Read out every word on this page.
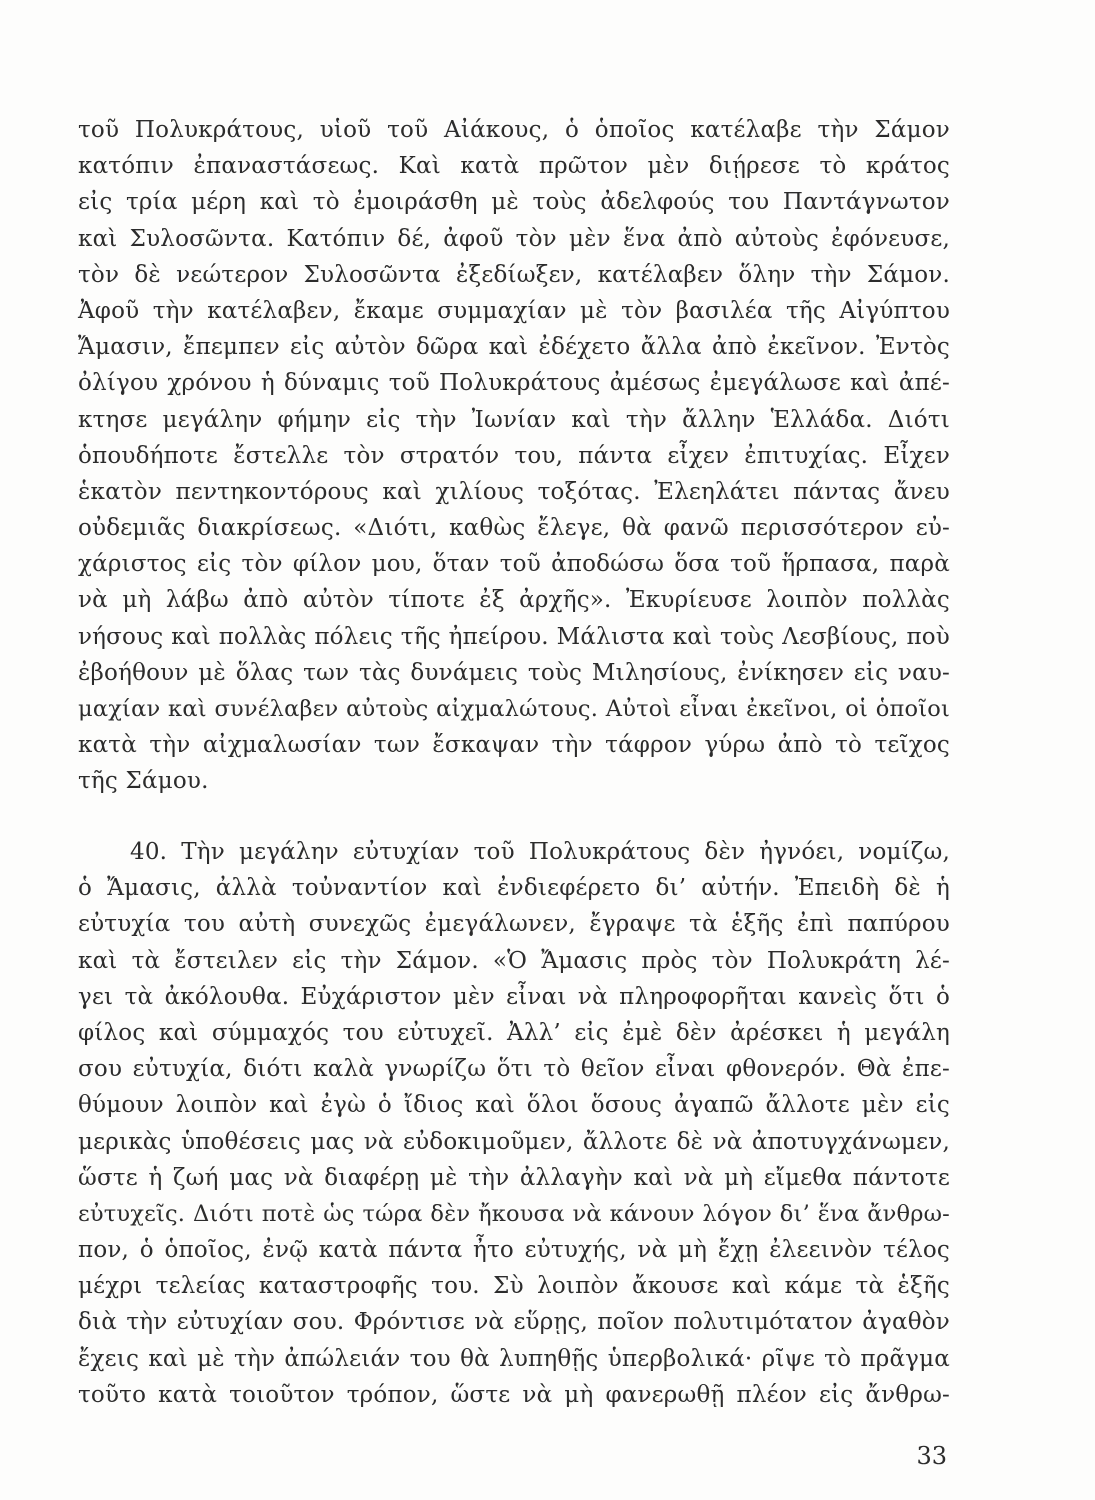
τοῦ Πολυκράτους, υἱοῦ τοῦ Αἰάκους, ὁ ὁποῖος κατέλαβε τὴν Σάμον
κατόπιν ἐπαναστάσεως. Καὶ κατὰ πρῶτον μὲν διῄρεσε τὸ κράτος
εἰς τρία μέρη καὶ τὸ ἐμοιράσθη μὲ τοὺς ἀδελφούς του Παντάγνωτον
καὶ Συλοσῶντα. Κατόπιν δέ, ἀφοῦ τὸν μὲν ἕνα ἀπὸ αὐτοὺς ἐφόνευσε,
τὸν δὲ νεώτερον Συλοσῶντα ἐξεδίωξεν, κατέλαβεν ὅλην τὴν Σάμον.
Ἀφοῦ τὴν κατέλαβεν, ἔκαμε συμμαχίαν μὲ τὸν βασιλέα τῆς Αἰγύπτου
Ἄμασιν, ἔπεμπεν εἰς αὐτὸν δῶρα καὶ ἐδέχετο ἄλλα ἀπὸ ἐκεῖνον. Ἐντὸς
ὀλίγου χρόνου ἡ δύναμις τοῦ Πολυκράτους ἀμέσως ἐμεγάλωσε καὶ ἀπέ-
κτησε μεγάλην φήμην εἰς τὴν Ἰωνίαν καὶ τὴν ἄλλην Ἑλλάδα. Διότι
ὁπουδήποτε ἔστελλε τὸν στρατόν του, πάντα εἶχεν ἐπιτυχίας. Εἶχεν
ἑκατὸν πεντηκοντόρους καὶ χιλίους τοξότας. Ἐλεηλάτει πάντας ἄνευ
οὐδεμιᾶς διακρίσεως. «Διότι, καθὼς ἔλεγε, θὰ φανῶ περισσότερον εὐ-
χάριστος εἰς τὸν φίλον μου, ὅταν τοῦ ἀποδώσω ὅσα τοῦ ἥρπασα, παρὰ
νὰ μὴ λάβω ἀπὸ αὐτὸν τίποτε ἐξ ἀρχῆς». Ἐκυρίευσε λοιπὸν πολλὰς
νήσους καὶ πολλὰς πόλεις τῆς ἠπείρου. Μάλιστα καὶ τοὺς Λεσβίους, ποὺ
ἐβοήθουν μὲ ὅλας των τὰς δυνάμεις τοὺς Μιλησίους, ἐνίκησεν εἰς ναυ-
μαχίαν καὶ συνέλαβεν αὐτοὺς αἰχμαλώτους. Αὐτοὶ εἶναι ἐκεῖνοι, οἱ ὁποῖοι
κατὰ τὴν αἰχμαλωσίαν των ἔσκαψαν τὴν τάφρον γύρω ἀπὸ τὸ τεῖχος
τῆς Σάμου.
40. Τὴν μεγάλην εὐτυχίαν τοῦ Πολυκράτους δὲν ἠγνόει, νομίζω,
ὁ Ἄμασις, ἀλλὰ τοὐναντίον καὶ ἐνδιεφέρετο δι’ αὐτήν. Ἐπειδὴ δὲ ἡ
εὐτυχία του αὐτὴ συνεχῶς ἐμεγάλωνεν, ἔγραψε τὰ ἑξῆς ἐπὶ παπύρου
καὶ τὰ ἔστειλεν εἰς τὴν Σάμον. «Ὁ Ἄμασις πρὸς τὸν Πολυκράτη λέ-
γει τὰ ἀκόλουθα. Εὐχάριστον μὲν εἶναι νὰ πληροφορῆται κανεὶς ὅτι ὁ
φίλος καὶ σύμμαχός του εὐτυχεῖ. Ἀλλ’ εἰς ἐμὲ δὲν ἀρέσκει ἡ μεγάλη
σου εὐτυχία, διότι καλὰ γνωρίζω ὅτι τὸ θεῖον εἶναι φθονερόν. Θὰ ἐπε-
θύμουν λοιπὸν καὶ ἐγὼ ὁ ἴδιος καὶ ὅλοι ὅσους ἀγαπῶ ἄλλοτε μὲν εἰς
μερικὰς ὑποθέσεις μας νὰ εὐδοκιμοῦμεν, ἄλλοτε δὲ νὰ ἀποτυγχάνωμεν,
ὥστε ἡ ζωή μας νὰ διαφέρῃ μὲ τὴν ἀλλαγὴν καὶ νὰ μὴ εἴμεθα πάντοτε
εὐτυχεῖς. Διότι ποτὲ ὡς τώρα δὲν ἤκουσα νὰ κάνουν λόγον δι’ ἕνα ἄνθρω-
πον, ὁ ὁποῖος, ἐνῷ κατὰ πάντα ἦτο εὐτυχής, νὰ μὴ ἔχῃ ἐλεεινὸν τέλος
μέχρι τελείας καταστροφῆς του. Σὺ λοιπὸν ἄκουσε καὶ κάμε τὰ ἑξῆς
διὰ τὴν εὐτυχίαν σου. Φρόντισε νὰ εὕρῃς, ποῖον πολυτιμότατον ἀγαθὸν
ἔχεις καὶ μὲ τὴν ἀπώλειάν του θὰ λυπηθῇς ὑπερβολικά· ρῖψε τὸ πρᾶγμα
τοῦτο κατὰ τοιοῦτον τρόπον, ὥστε νὰ μὴ φανερωθῇ πλέον εἰς ἄνθρω-
33
